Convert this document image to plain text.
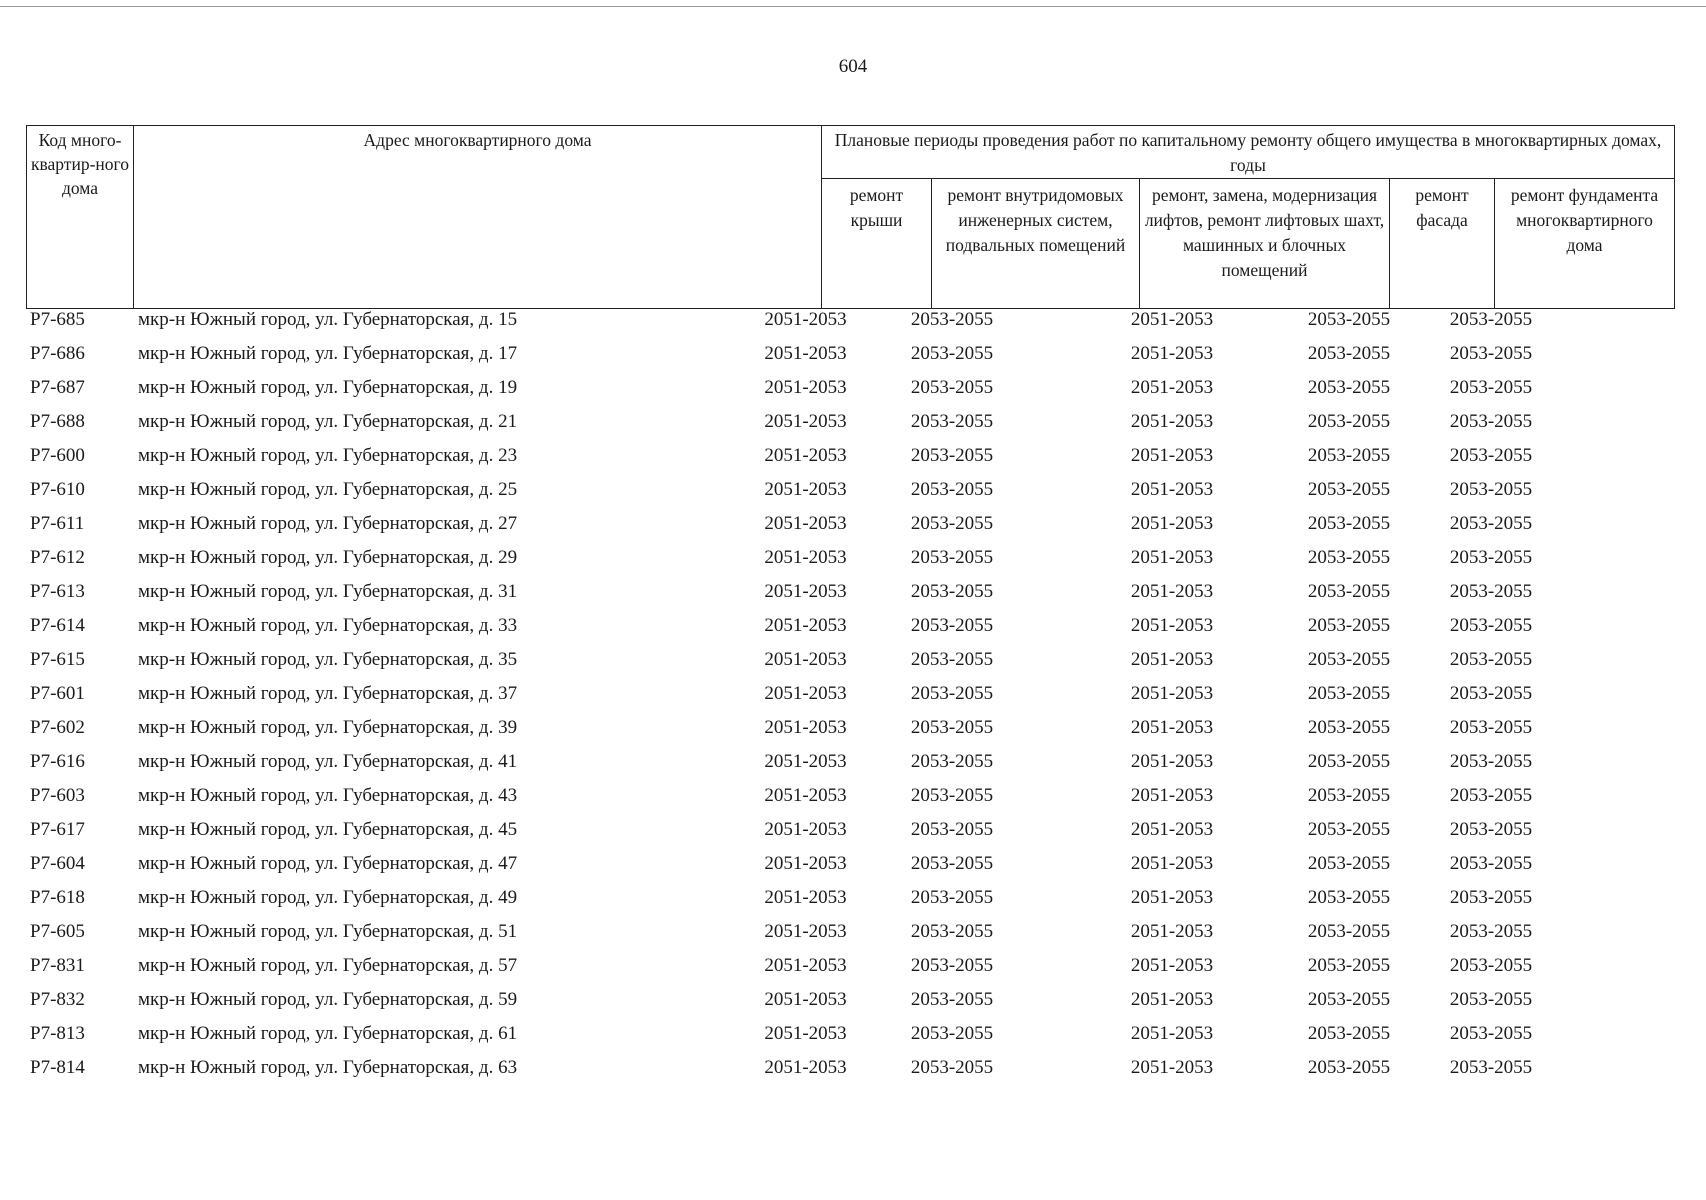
604
Код много-квартир-ного дома	Адрес многоквартирного дома	Плановые периоды проведения работ по капитальному ремонту общего имущества в многоквартирных домах, годы				
		ремонт крыши	ремонт внутридомовых инженерных систем, подвальных помещений	ремонт, замена, модернизация лифтов, ремонт лифтовых шахт, машинных и блочных помещений	ремонт фасада	ремонт фундамента многоквартирного дома
Р7-685	мкр-н Южный город, ул. Губернаторская, д. 15	2051-2053	2053-2055	2051-2053	2053-2055	2053-2055
Р7-686	мкр-н Южный город, ул. Губернаторская, д. 17	2051-2053	2053-2055	2051-2053	2053-2055	2053-2055
Р7-687	мкр-н Южный город, ул. Губернаторская, д. 19	2051-2053	2053-2055	2051-2053	2053-2055	2053-2055
Р7-688	мкр-н Южный город, ул. Губернаторская, д. 21	2051-2053	2053-2055	2051-2053	2053-2055	2053-2055
Р7-600	мкр-н Южный город, ул. Губернаторская, д. 23	2051-2053	2053-2055	2051-2053	2053-2055	2053-2055
Р7-610	мкр-н Южный город, ул. Губернаторская, д. 25	2051-2053	2053-2055	2051-2053	2053-2055	2053-2055
Р7-611	мкр-н Южный город, ул. Губернаторская, д. 27	2051-2053	2053-2055	2051-2053	2053-2055	2053-2055
Р7-612	мкр-н Южный город, ул. Губернаторская, д. 29	2051-2053	2053-2055	2051-2053	2053-2055	2053-2055
Р7-613	мкр-н Южный город, ул. Губернаторская, д. 31	2051-2053	2053-2055	2051-2053	2053-2055	2053-2055
Р7-614	мкр-н Южный город, ул. Губернаторская, д. 33	2051-2053	2053-2055	2051-2053	2053-2055	2053-2055
Р7-615	мкр-н Южный город, ул. Губернаторская, д. 35	2051-2053	2053-2055	2051-2053	2053-2055	2053-2055
Р7-601	мкр-н Южный город, ул. Губернаторская, д. 37	2051-2053	2053-2055	2051-2053	2053-2055	2053-2055
Р7-602	мкр-н Южный город, ул. Губернаторская, д. 39	2051-2053	2053-2055	2051-2053	2053-2055	2053-2055
Р7-616	мкр-н Южный город, ул. Губернаторская, д. 41	2051-2053	2053-2055	2051-2053	2053-2055	2053-2055
Р7-603	мкр-н Южный город, ул. Губернаторская, д. 43	2051-2053	2053-2055	2051-2053	2053-2055	2053-2055
Р7-617	мкр-н Южный город, ул. Губернаторская, д. 45	2051-2053	2053-2055	2051-2053	2053-2055	2053-2055
Р7-604	мкр-н Южный город, ул. Губернаторская, д. 47	2051-2053	2053-2055	2051-2053	2053-2055	2053-2055
Р7-618	мкр-н Южный город, ул. Губернаторская, д. 49	2051-2053	2053-2055	2051-2053	2053-2055	2053-2055
Р7-605	мкр-н Южный город, ул. Губернаторская, д. 51	2051-2053	2053-2055	2051-2053	2053-2055	2053-2055
Р7-831	мкр-н Южный город, ул. Губернаторская, д. 57	2051-2053	2053-2055	2051-2053	2053-2055	2053-2055
Р7-832	мкр-н Южный город, ул. Губернаторская, д. 59	2051-2053	2053-2055	2051-2053	2053-2055	2053-2055
Р7-813	мкр-н Южный город, ул. Губернаторская, д. 61	2051-2053	2053-2055	2051-2053	2053-2055	2053-2055
Р7-814	мкр-н Южный город, ул. Губернаторская, д. 63	2051-2053	2053-2055	2051-2053	2053-2055	2053-2055
